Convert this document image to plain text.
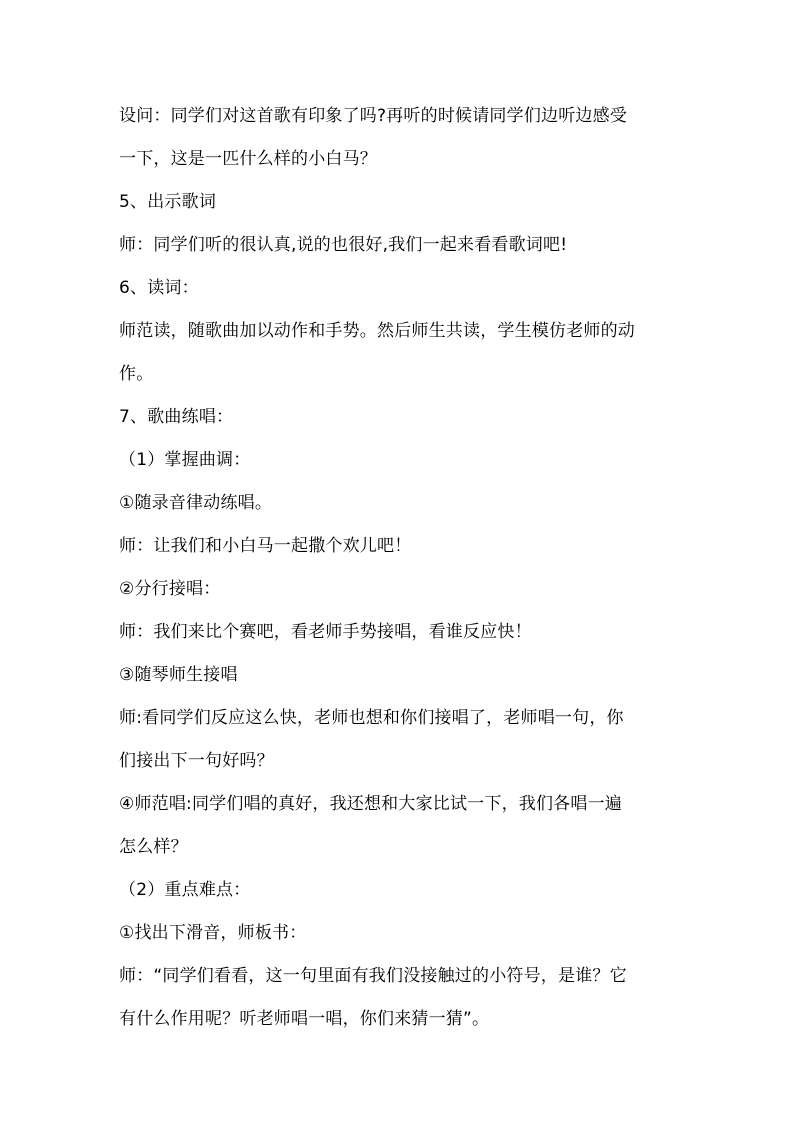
设问：同学们对这首歌有印象了吗?再听的时候请同学们边听边感受
一下，这是一匹什么样的小白马？
5、出示歌词
师：同学们听的很认真,说的也很好,我们一起来看看歌词吧!
6、读词：
师范读，随歌曲加以动作和手势。然后师生共读，学生模仿老师的动
作。
7、歌曲练唱：
（1）掌握曲调：
①随录音律动练唱。
师：让我们和小白马一起撒个欢儿吧！
②分行接唱：
师：我们来比个赛吧，看老师手势接唱，看谁反应快！
③随琴师生接唱
师:看同学们反应这么快，老师也想和你们接唱了，老师唱一句，你
们接出下一句好吗？
④师范唱:同学们唱的真好，我还想和大家比试一下，我们各唱一遍
怎么样？
（2）重点难点：
①找出下滑音，师板书：
师：“同学们看看，这一句里面有我们没接触过的小符号，是谁？它
有什么作用呢？听老师唱一唱，你们来猜一猜”。
